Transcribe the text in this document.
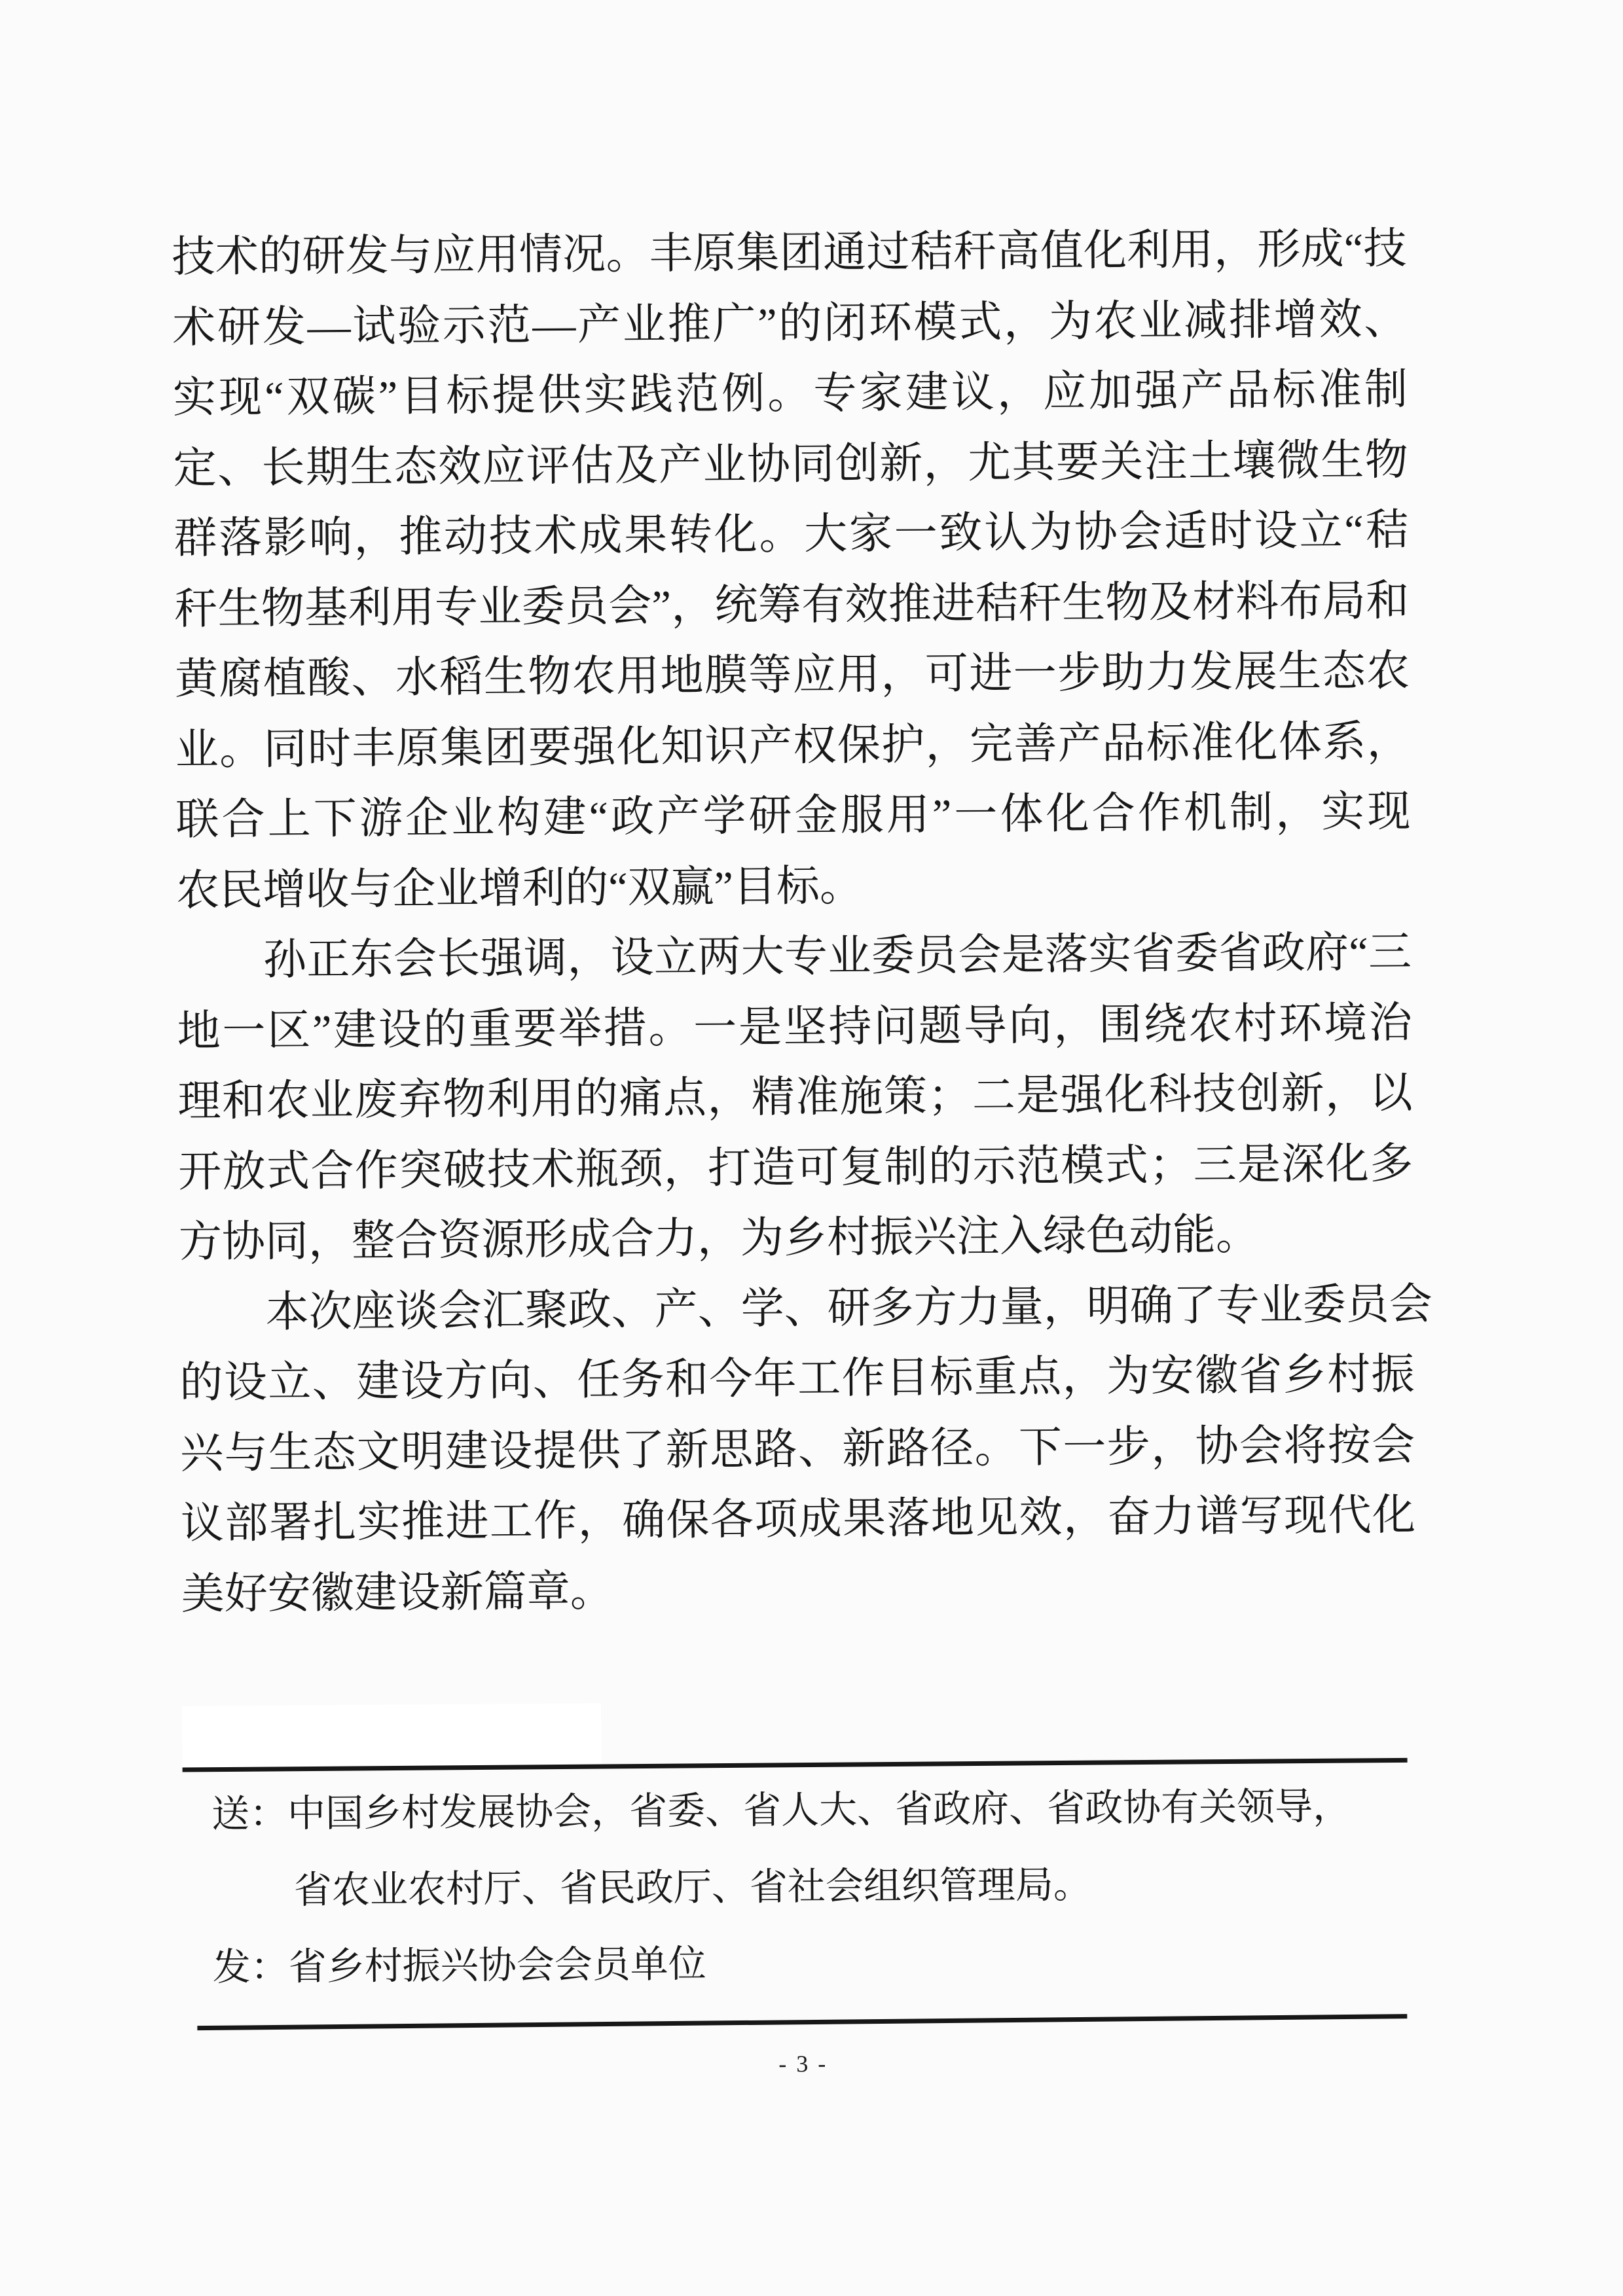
技术的研发与应用情况。丰原集团通过秸秆高值化利用，形成“技
术研发—试验示范—产业推广”的闭环模式，为农业减排增效、
实现“双碳”目标提供实践范例。专家建议，应加强产品标准制
定、长期生态效应评估及产业协同创新，尤其要关注土壤微生物
群落影响，推动技术成果转化。大家一致认为协会适时设立“秸
秆生物基利用专业委员会”，统筹有效推进秸秆生物及材料布局和
黄腐植酸、水稻生物农用地膜等应用，可进一步助力发展生态农
业。同时丰原集团要强化知识产权保护，完善产品标准化体系，
联合上下游企业构建“政产学研金服用”一体化合作机制，实现
农民增收与企业增利的“双赢”目标。
孙正东会长强调，设立两大专业委员会是落实省委省政府“三
地一区”建设的重要举措。一是坚持问题导向，围绕农村环境治
理和农业废弃物利用的痛点，精准施策；二是强化科技创新，以
开放式合作突破技术瓶颈，打造可复制的示范模式；三是深化多
方协同，整合资源形成合力，为乡村振兴注入绿色动能。
本次座谈会汇聚政、产、学、研多方力量，明确了专业委员会
的设立、建设方向、任务和今年工作目标重点，为安徽省乡村振
兴与生态文明建设提供了新思路、新路径。下一步，协会将按会
议部署扎实推进工作，确保各项成果落地见效，奋力谱写现代化
美好安徽建设新篇章。
送：中国乡村发展协会，省委、省人大、省政府、省政协有关领导，
省农业农村厅、省民政厅、省社会组织管理局。
发：省乡村振兴协会会员单位
- 3 -
